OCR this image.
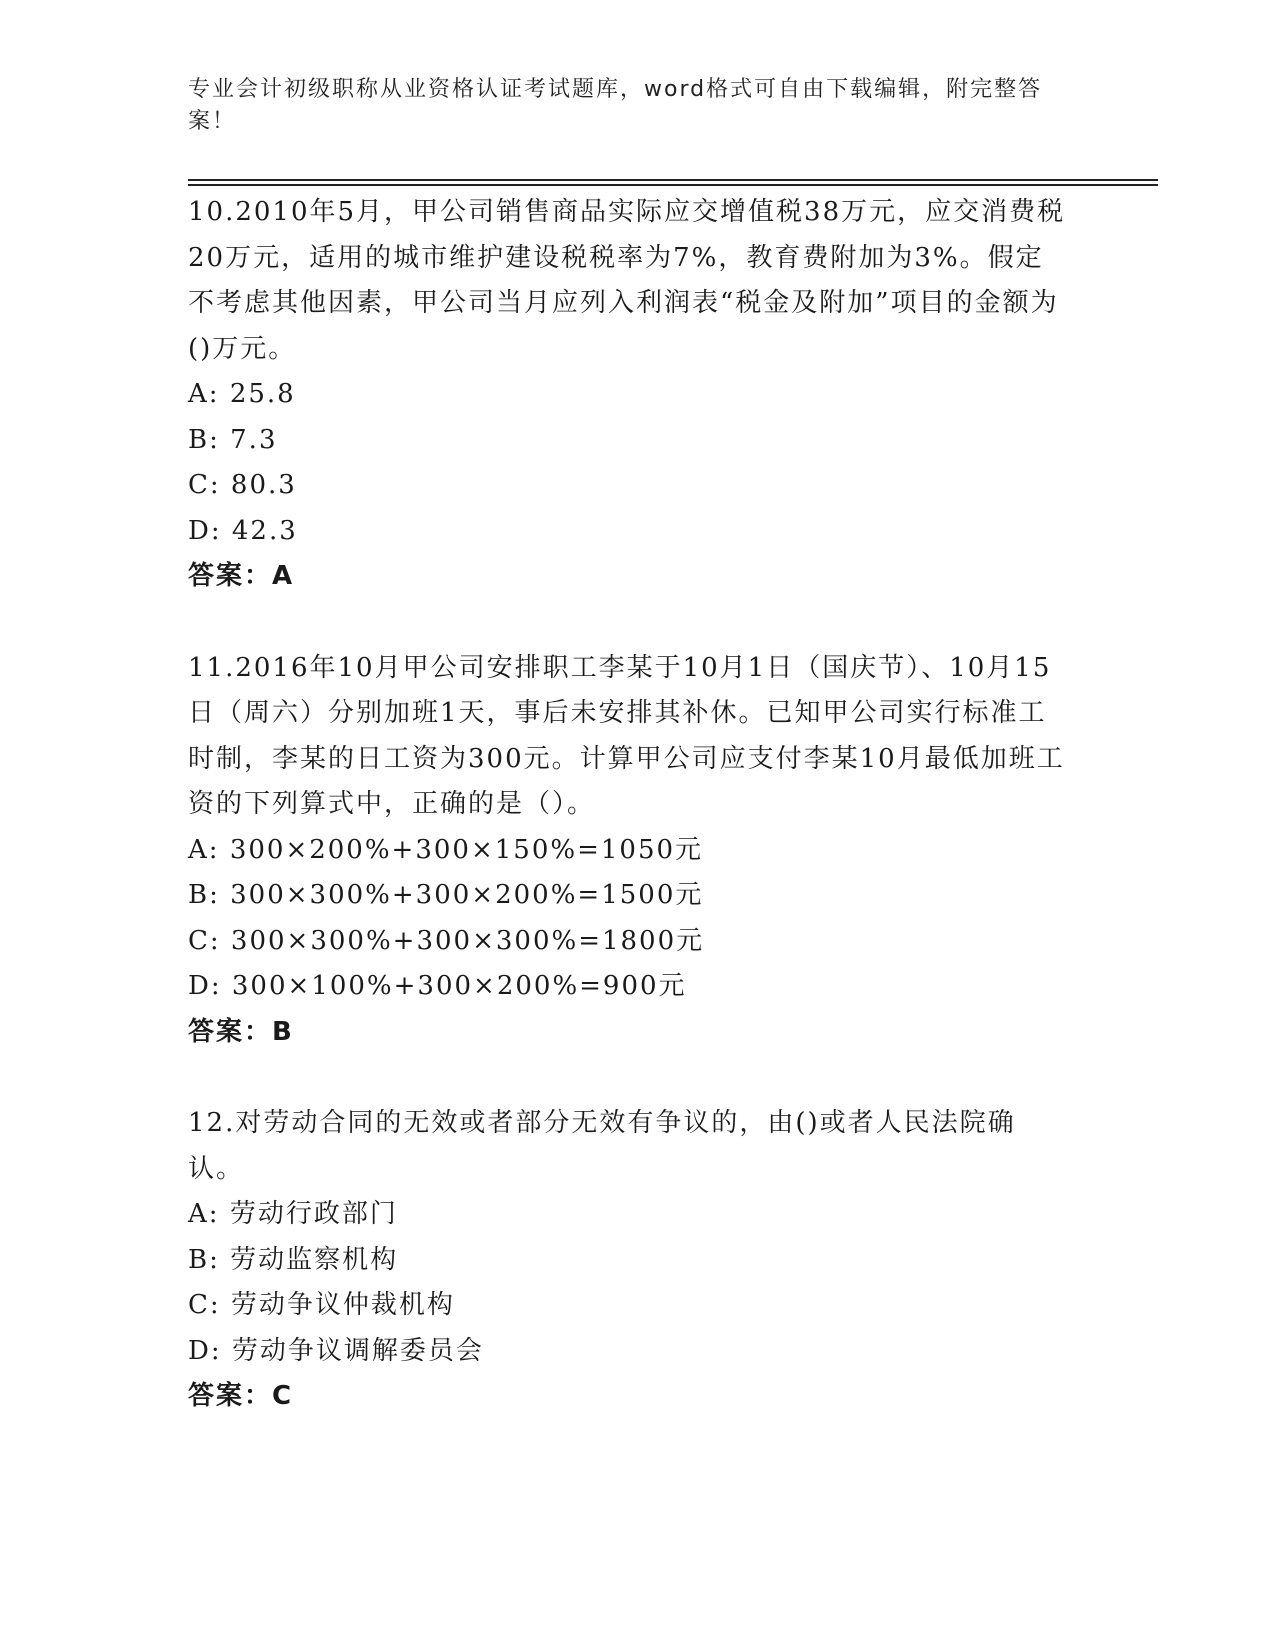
专业会计初级职称从业资格认证考试题库，word格式可自由下载编辑，附完整答案！

10.2010年5月，甲公司销售商品实际应交增值税38万元，应交消费税20万元，适用的城市维护建设税税率为7%，教育费附加为3%。假定不考虑其他因素，甲公司当月应列入利润表“税金及附加”项目的金额为()万元。

A: 25.8

B: 7.3

C: 80.3

D: 42.3

答案：A

11.2016年10月甲公司安排职工李某于10月1日（国庆节）、10月15日（周六）分别加班1天，事后未安排其补休。已知甲公司实行标准工时制，李某的日工资为300元。计算甲公司应支付李某10月最低加班工资的下列算式中，正确的是（）。

A: 300×200%+300×150%=1050元

B: 300×300%+300×200%=1500元

C: 300×300%+300×300%=1800元

D: 300×100%+300×200%=900元

答案：B

12.对劳动合同的无效或者部分无效有争议的，由()或者人民法院确认。

A: 劳动行政部门

B: 劳动监察机构

C: 劳动争议仲裁机构

D: 劳动争议调解委员会

答案：C
